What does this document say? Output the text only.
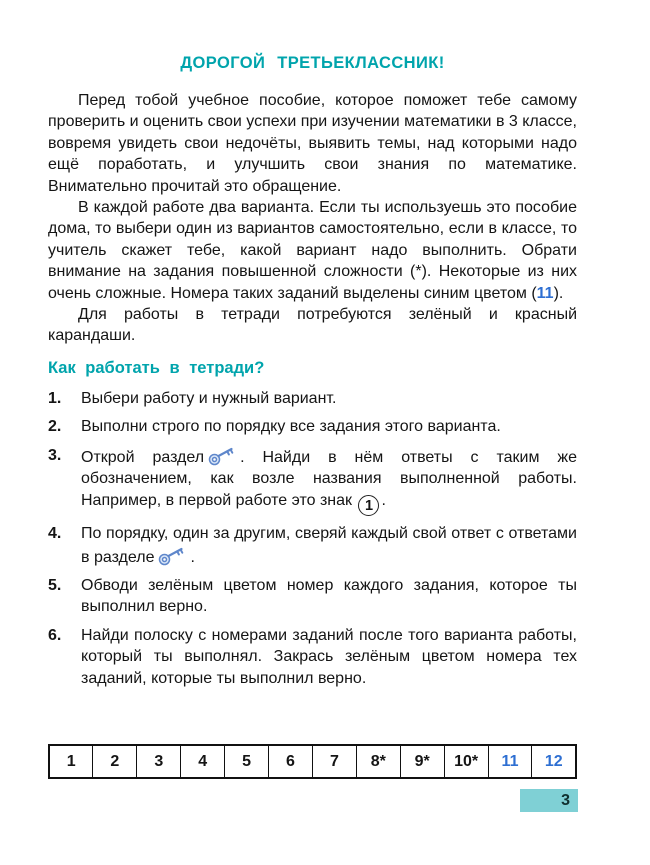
ДОРОГОЙ ТРЕТЬЕКЛАССНИК!

Перед тобой учебное пособие, которое поможет тебе самому проверить и оценить свои успехи при изучении математики в 3 классе, вовремя увидеть свои недочёты, выявить темы, над которыми надо ещё поработать, и улучшить свои знания по математике. Внимательно прочитай это обращение.

В каждой работе два варианта. Если ты используешь это пособие дома, то выбери один из вариантов самостоятельно, если в классе, то учитель скажет тебе, какой вариант надо выполнить. Обрати внимание на задания повышенной сложности (*). Некоторые из них очень сложные. Номера таких заданий выделены синим цветом (11).

Для работы в тетради потребуются зелёный и красный карандаши.

Как работать в тетради?
1.	Выбери работу и нужный вариант.
2.	Выполни строго по порядку все задания этого варианта.
3.	Открой раздел . Найди в нём ответы с таким же обозначением, как возле названия выполненной работы. Например, в первой работе это знак 1 .
4.	По порядку, один за другим, сверяй каждый свой ответ с ответами в разделе .
5.	Обводи зелёным цветом номер каждого задания, которое ты выполнил верно.
6.	Найди полоску с номерами заданий после того варианта работы, который ты выполнял. Закрась зелёным цветом номера тех заданий, которые ты выполнил верно.
1	2	3	4	5	6	7	8*	9*	10*	11	12
3
